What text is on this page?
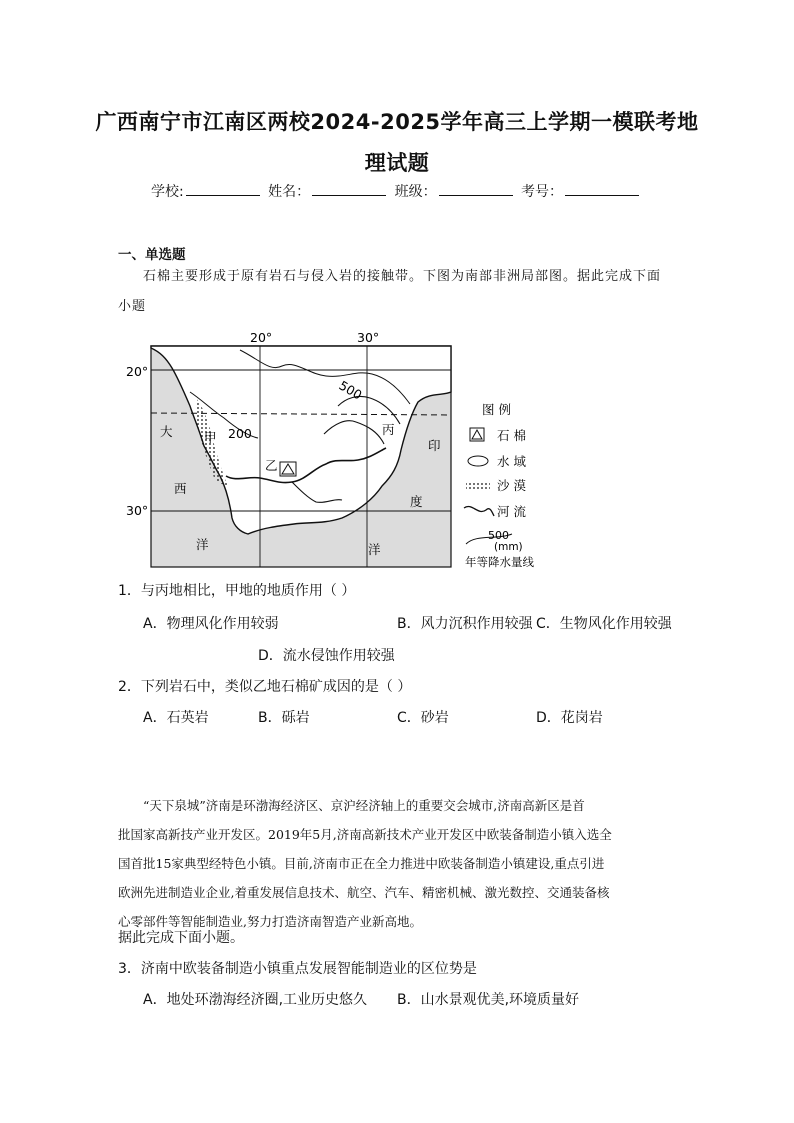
广西南宁市江南区两校2024-2025学年高三上学期一模联考地
理试题
学校:	姓名：	班级：	考号：
一、单选题
石棉主要形成于原有岩石与侵入岩的接触带。下图为南部非洲局部图。据此完成下面
小题
20°	30°
20°
30°
甲
乙
丙
500
200
大
西
洋
印
度
洋
图 例
石 棉
水 域
沙 漠
河 流
500
(mm)
年等降水量线
1．与丙地相比，甲地的地质作用（ ）
A．物理风化作用较弱	B．风力沉积作用较强 C．生物风化作用较强
D．流水侵蚀作用较强
2．下列岩石中，类似乙地石棉矿成因的是（ ）
A．石英岩	B．砾岩	C．砂岩	D．花岗岩
“天下泉城”济南是环渤海经济区、京沪经济轴上的重要交会城市,济南高新区是首
批国家高新技产业开发区。2019年5月,济南高新技术产业开发区中欧装备制造小镇入选全
国首批15家典型经特色小镇。目前,济南市正在全力推进中欧装备制造小镇建设,重点引进
欧洲先进制造业企业,着重发展信息技术、航空、汽车、精密机械、激光数控、交通装备核
心零部件等智能制造业,努力打造济南智造产业新高地。
据此完成下面小题。
3．济南中欧装备制造小镇重点发展智能制造业的区位势是
A．地处环渤海经济圈,工业历史悠久 B．山水景观优美,环境质量好
